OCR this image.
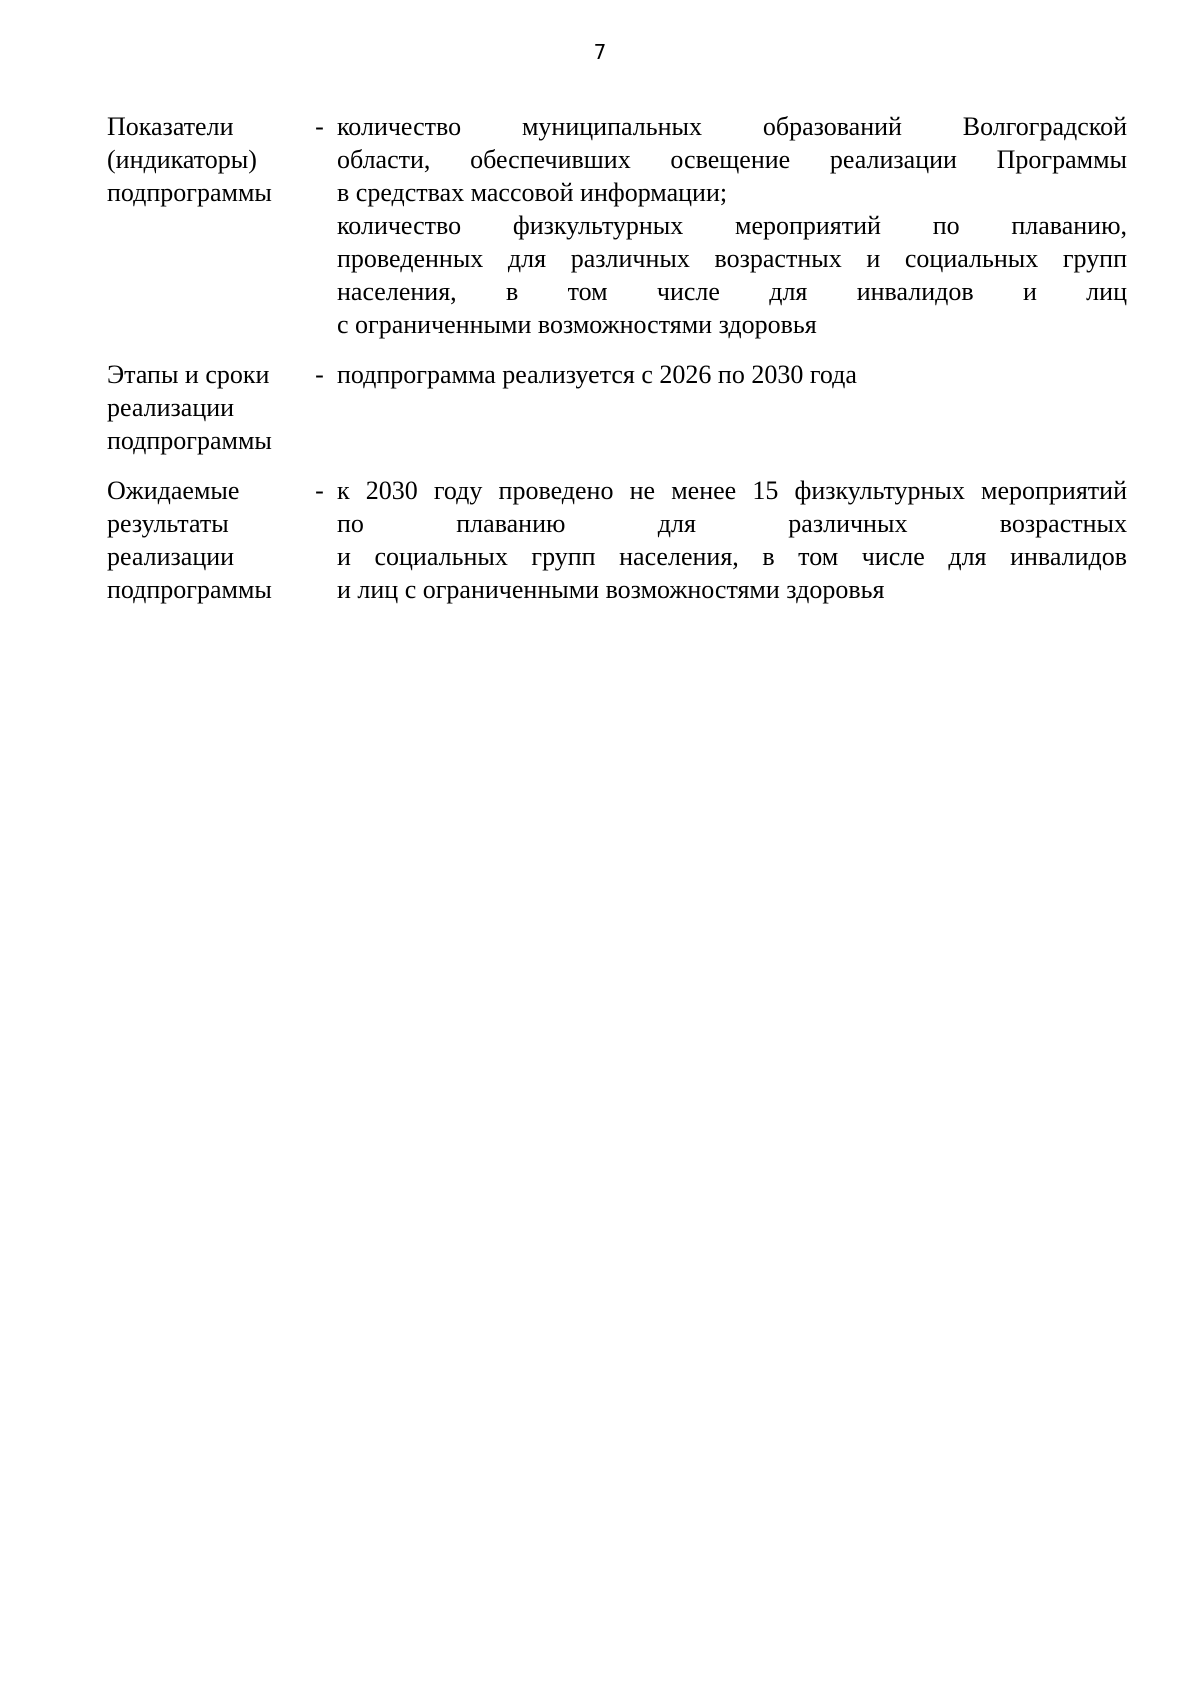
7
Показатели
(индикаторы)
подпрограммы
- количество муниципальных образований Волгоградской
области, обеспечивших освещение реализации Программы
в средствах массовой информации;
количество физкультурных мероприятий по плаванию,
проведенных для различных возрастных и социальных групп
населения, в том числе для инвалидов и лиц
с ограниченными возможностями здоровья
Этапы и сроки
реализации
подпрограммы
- подпрограмма реализуется с 2026 по 2030 года
Ожидаемые
результаты
реализации
подпрограммы
- к 2030 году проведено не менее 15 физкультурных мероприятий
по плаванию для различных возрастных
и социальных групп населения, в том числе для инвалидов
и лиц с ограниченными возможностями здоровья
